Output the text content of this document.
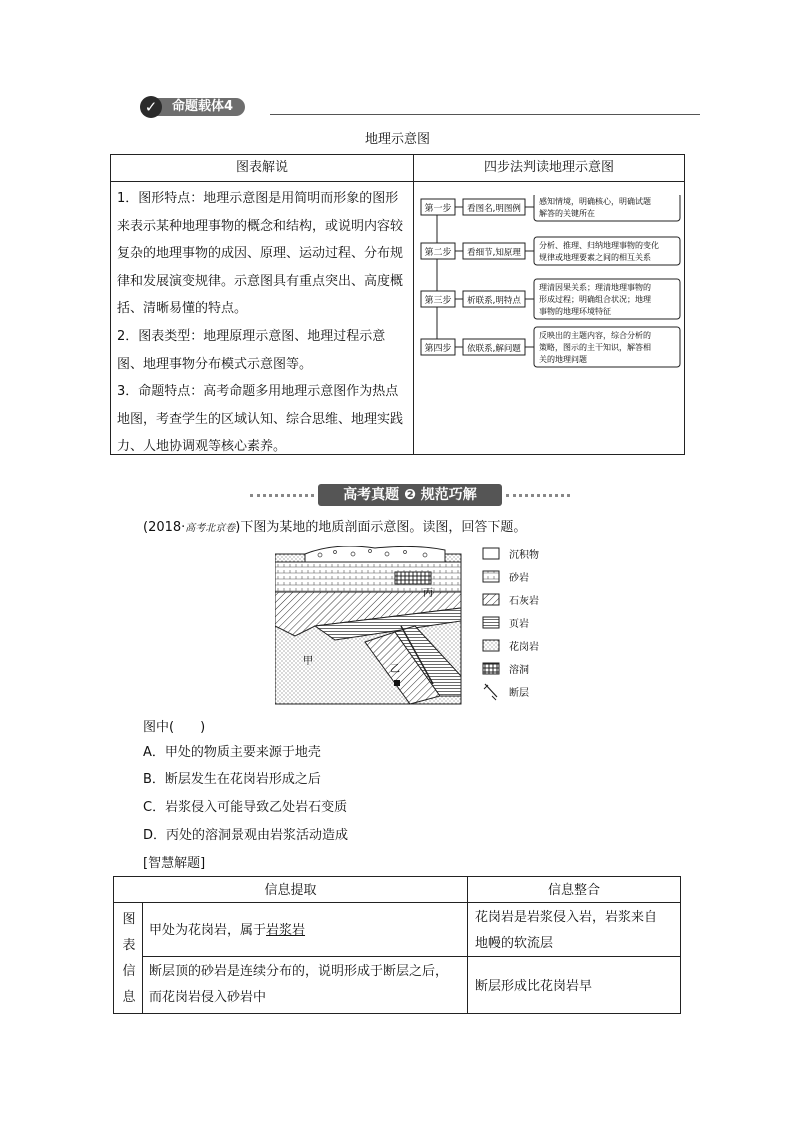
命题载体4
✓
地理示意图
图表解说	四步法判读地理示意图

1．图形特点：地理示意图是用简明而形象的图形来表示某种地理事物的概念和结构，或说明内容较复杂的地理事物的成因、原理、运动过程、分布规律和发展演变规律。示意图具有重点突出、高度概括、清晰易懂的特点。

2．图表类型：地理原理示意图、地理过程示意图、地理事物分布模式示意图等。

3．命题特点：高考命题多用地理示意图作为热点地图，考查学生的区域认知、综合思维、地理实践力、人地协调观等核心素养。

第一步 看图名,明图例
感知情境，明确核心，明确试题
解答的关键所在
第二步 看细节,知原理
分析、推理、归纳地理事物的变化
规律或地理要素之间的相互关系
第三步 析联系,明特点
理清因果关系；理清地理事物的
形成过程；明确组合状况；地理
事物的地理环境特征
第四步 依联系,解问题
反映出的主题内容，综合分析的
策略，图示的主干知识，解答相
关的地理问题
高考真题 ❷ 规范巧解
(2018·高考北京卷)下图为某地的地质剖面示意图。读图，回答下题。
甲
乙
丙
沉积物
砂岩
石灰岩
页岩
花岗岩
溶洞
断层
图中(　　)
A．甲处的物质主要来源于地壳
B．断层发生在花岗岩形成之后
C．岩浆侵入可能导致乙处岩石变质
D．丙处的溶洞景观由岩浆活动造成
[智慧解题]
信息提取	信息整合
图
表
信
息
甲处为花岗岩，属于岩浆岩
花岗岩是岩浆侵入岩，岩浆来自
地幔的软流层
断层顶的砂岩是连续分布的，说明形成于断层之后，
而花岗岩侵入砂岩中
断层形成比花岗岩早
